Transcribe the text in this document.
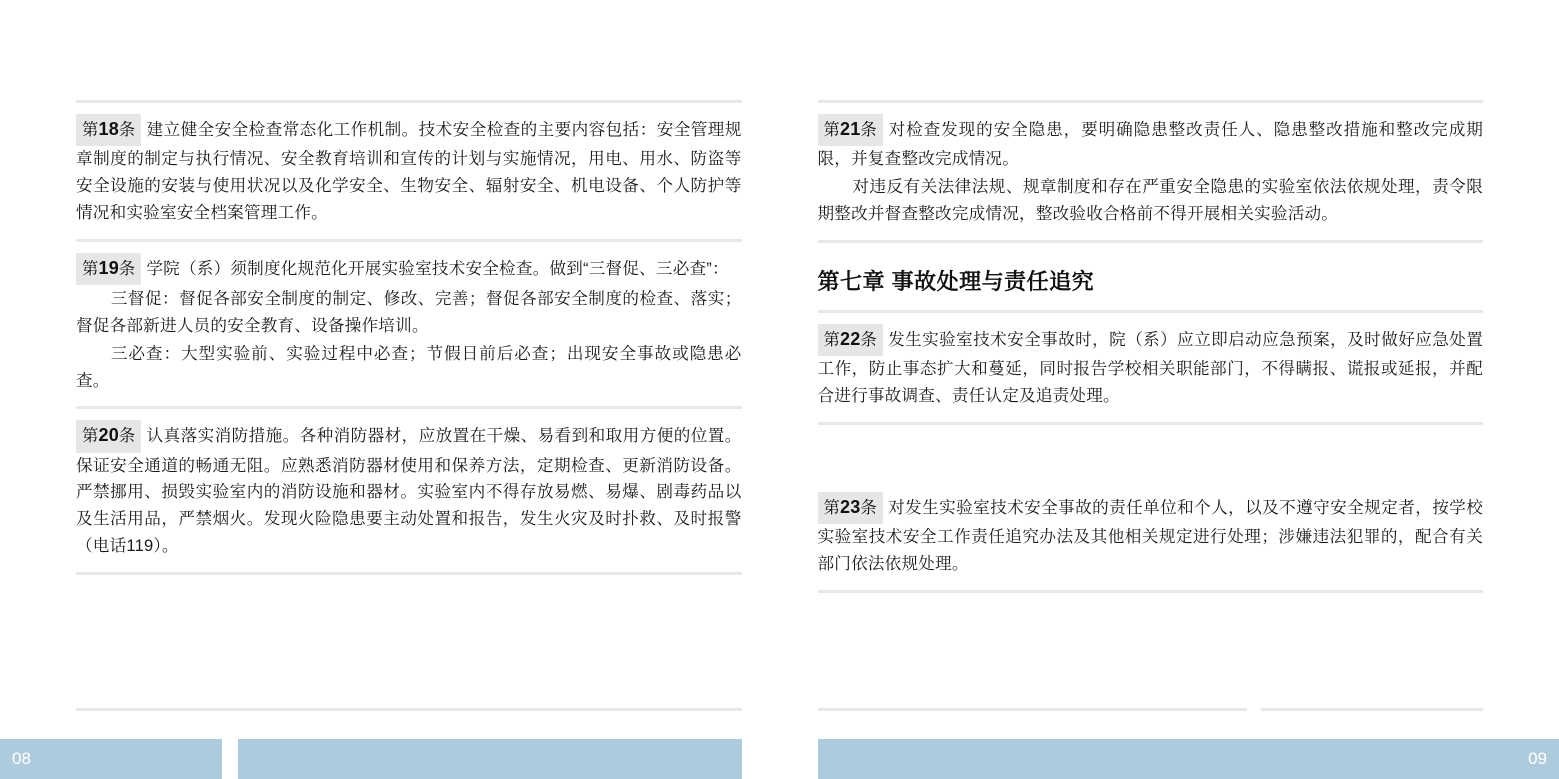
第18条 建立健全安全检查常态化工作机制。技术安全检查的主要内容包括：安全管理规章制度的制定与执行情况、安全教育培训和宣传的计划与实施情况，用电、用水、防盗等安全设施的安装与使用状况以及化学安全、生物安全、辐射安全、机电设备、个人防护等情况和实验室安全档案管理工作。

第19条 学院（系）须制度化规范化开展实验室技术安全检查。做到“三督促、三必查”：

三督促：督促各部安全制度的制定、修改、完善；督促各部安全制度的检查、落实；督促各部新进人员的安全教育、设备操作培训。

三必查：大型实验前、实验过程中必查；节假日前后必查；出现安全事故或隐患必查。

第20条 认真落实消防措施。各种消防器材，应放置在干燥、易看到和取用方便的位置。保证安全通道的畅通无阻。应熟悉消防器材使用和保养方法，定期检查、更新消防设备。严禁挪用、损毁实验室内的消防设施和器材。实验室内不得存放易燃、易爆、剧毒药品以及生活用品，严禁烟火。发现火险隐患要主动处置和报告，发生火灾及时扑救、及时报警（电话119）。

08

第21条 对检查发现的安全隐患，要明确隐患整改责任人、隐患整改措施和整改完成期限，并复查整改完成情况。

对违反有关法律法规、规章制度和存在严重安全隐患的实验室依法依规处理，责令限期整改并督查整改完成情况，整改验收合格前不得开展相关实验活动。

第七章 事故处理与责任追究

第22条 发生实验室技术安全事故时，院（系）应立即启动应急预案，及时做好应急处置工作，防止事态扩大和蔓延，同时报告学校相关职能部门，不得瞒报、谎报或延报，并配合进行事故调查、责任认定及追责处理。

第23条 对发生实验室技术安全事故的责任单位和个人，以及不遵守安全规定者，按学校实验室技术安全工作责任追究办法及其他相关规定进行处理；涉嫌违法犯罪的，配合有关部门依法依规处理。

09
